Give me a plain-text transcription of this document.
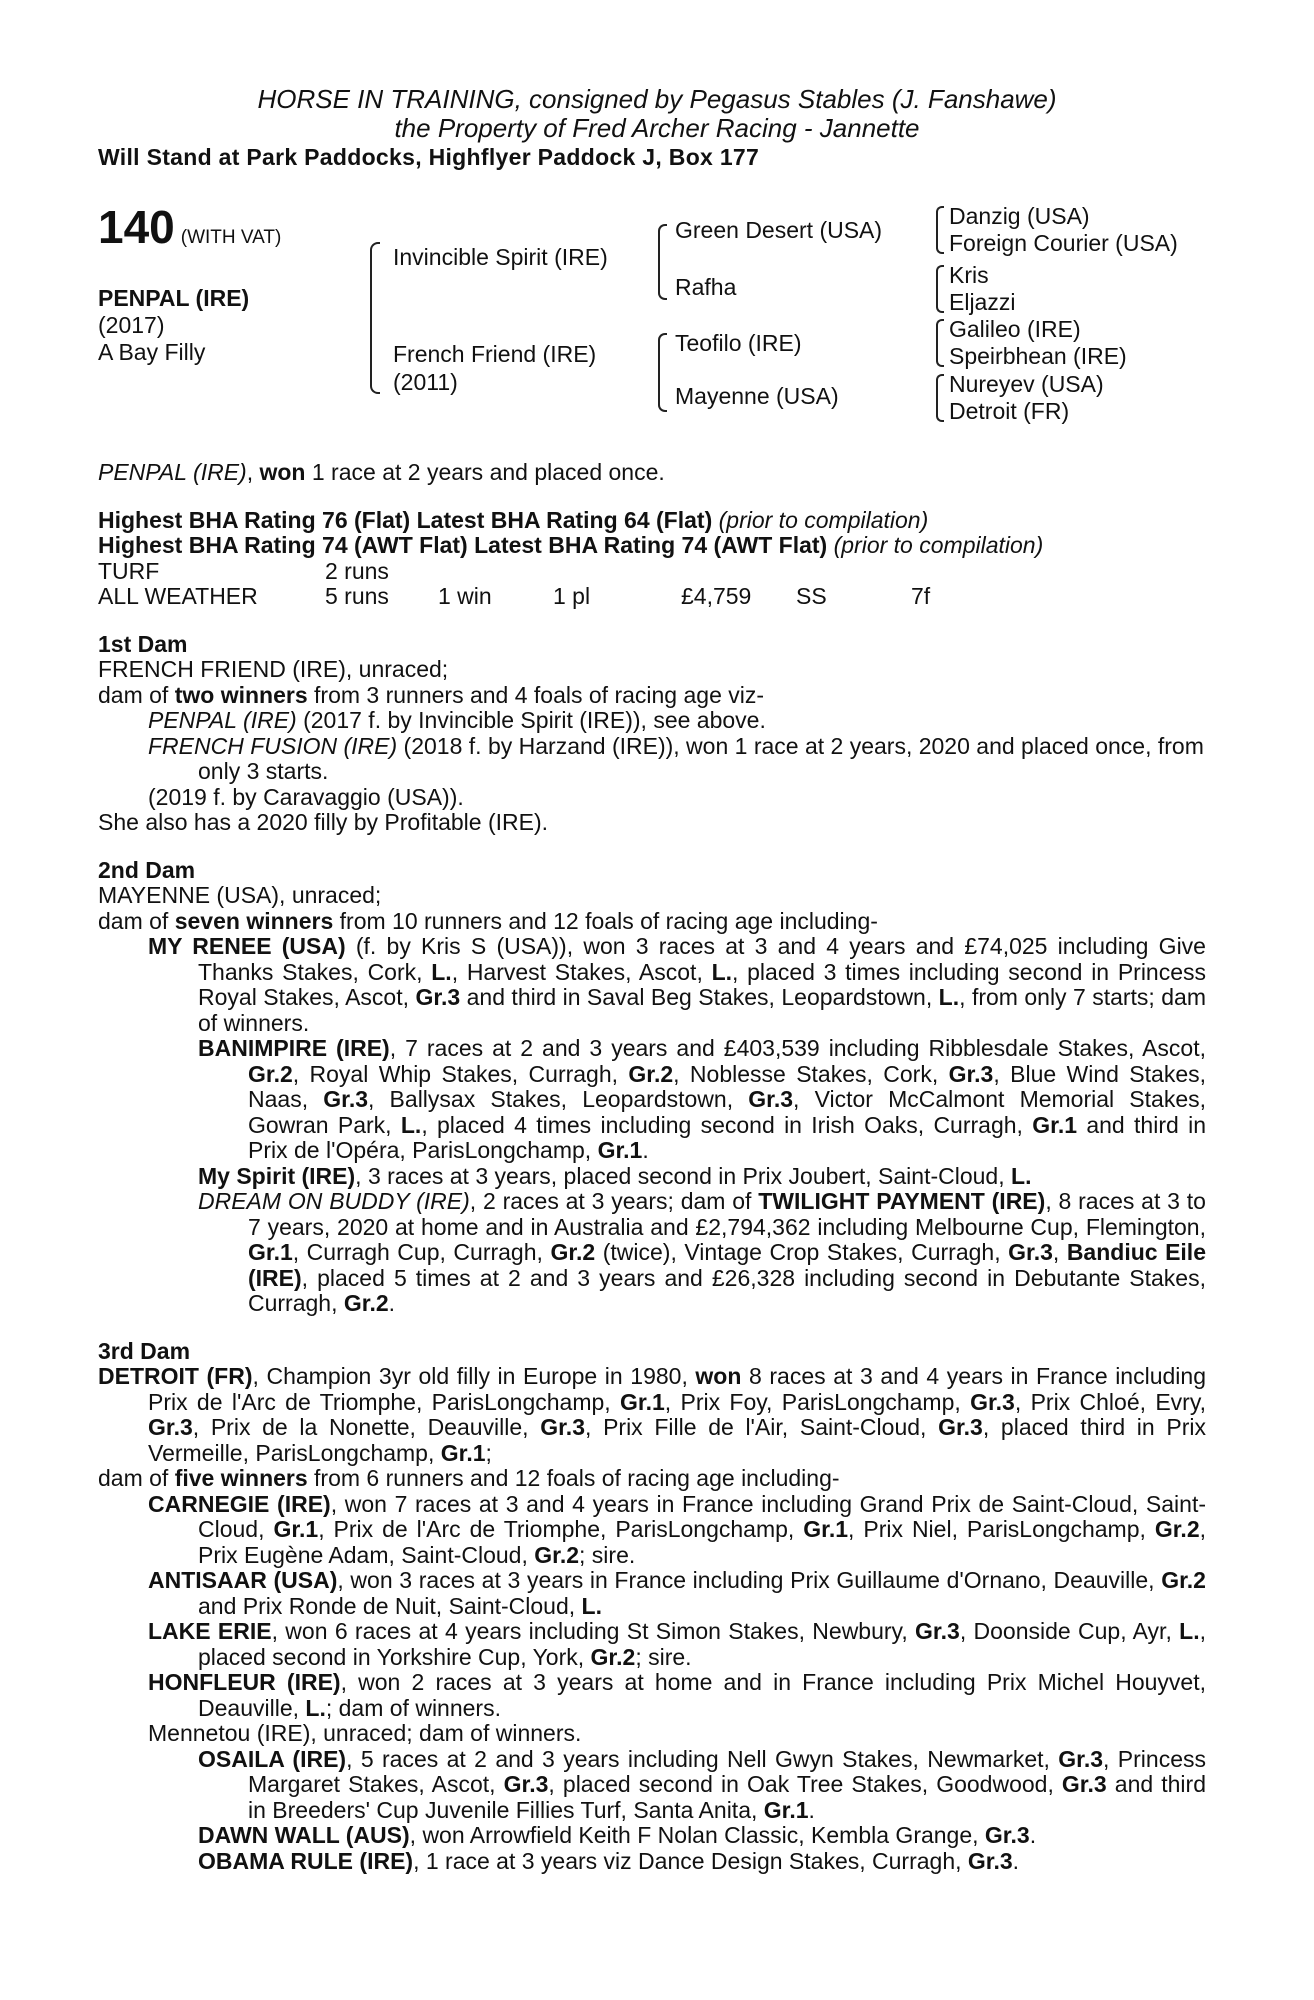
HORSE IN TRAINING, consigned by Pegasus Stables (J. Fanshawe)
the Property of Fred Archer Racing - Jannette
Will Stand at Park Paddocks, Highflyer Paddock J, Box 177
140 (WITH VAT)
PENPAL (IRE)
(2017)
A Bay Filly
Invincible Spirit (IRE)
French Friend (IRE)
(2011)
Green Desert (USA)
Rafha
Teofilo (IRE)
Mayenne (USA)
Danzig (USA)
Foreign Courier (USA)
Kris
Eljazzi
Galileo (IRE)
Speirbhean (IRE)
Nureyev (USA)
Detroit (FR)

PENPAL (IRE), won 1 race at 2 years and placed once.

Highest BHA Rating 76 (Flat) Latest BHA Rating 64 (Flat) (prior to compilation)

Highest BHA Rating 74 (AWT Flat) Latest BHA Rating 74 (AWT Flat) (prior to compilation)

TURF	2 runs
ALL WEATHER	5 runs	1 win	1 pl	£4,759	SS	7f

1st Dam

FRENCH FRIEND (IRE), unraced;

dam of two winners from 3 runners and 4 foals of racing age viz-

PENPAL (IRE) (2017 f. by Invincible Spirit (IRE)), see above.

FRENCH FUSION (IRE) (2018 f. by Harzand (IRE)), won 1 race at 2 years, 2020 and placed once, from only 3 starts.

(2019 f. by Caravaggio (USA)).

She also has a 2020 filly by Profitable (IRE).

2nd Dam

MAYENNE (USA), unraced;

dam of seven winners from 10 runners and 12 foals of racing age including-

MY RENEE (USA) (f. by Kris S (USA)), won 3 races at 3 and 4 years and £74,025 including Give Thanks Stakes, Cork, L., Harvest Stakes, Ascot, L., placed 3 times including second in Princess Royal Stakes, Ascot, Gr.3 and third in Saval Beg Stakes, Leopardstown, L., from only 7 starts; dam of winners.

BANIMPIRE (IRE), 7 races at 2 and 3 years and £403,539 including Ribblesdale Stakes, Ascot, Gr.2, Royal Whip Stakes, Curragh, Gr.2, Noblesse Stakes, Cork, Gr.3, Blue Wind Stakes, Naas, Gr.3, Ballysax Stakes, Leopardstown, Gr.3, Victor McCalmont Memorial Stakes, Gowran Park, L., placed 4 times including second in Irish Oaks, Curragh, Gr.1 and third in Prix de l'Opéra, ParisLongchamp, Gr.1.

My Spirit (IRE), 3 races at 3 years, placed second in Prix Joubert, Saint-Cloud, L.

DREAM ON BUDDY (IRE), 2 races at 3 years; dam of TWILIGHT PAYMENT (IRE), 8 races at 3 to 7 years, 2020 at home and in Australia and £2,794,362 including Melbourne Cup, Flemington, Gr.1, Curragh Cup, Curragh, Gr.2 (twice), Vintage Crop Stakes, Curragh, Gr.3, Bandiuc Eile (IRE), placed 5 times at 2 and 3 years and £26,328 including second in Debutante Stakes, Curragh, Gr.2.

3rd Dam

DETROIT (FR), Champion 3yr old filly in Europe in 1980, won 8 races at 3 and 4 years in France including Prix de l'Arc de Triomphe, ParisLongchamp, Gr.1, Prix Foy, ParisLongchamp, Gr.3, Prix Chloé, Evry, Gr.3, Prix de la Nonette, Deauville, Gr.3, Prix Fille de l'Air, Saint-Cloud, Gr.3, placed third in Prix Vermeille, ParisLongchamp, Gr.1;

dam of five winners from 6 runners and 12 foals of racing age including-

CARNEGIE (IRE), won 7 races at 3 and 4 years in France including Grand Prix de Saint-Cloud, Saint-Cloud, Gr.1, Prix de l'Arc de Triomphe, ParisLongchamp, Gr.1, Prix Niel, ParisLongchamp, Gr.2, Prix Eugène Adam, Saint-Cloud, Gr.2; sire.

ANTISAAR (USA), won 3 races at 3 years in France including Prix Guillaume d'Ornano, Deauville, Gr.2 and Prix Ronde de Nuit, Saint-Cloud, L.

LAKE ERIE, won 6 races at 4 years including St Simon Stakes, Newbury, Gr.3, Doonside Cup, Ayr, L., placed second in Yorkshire Cup, York, Gr.2; sire.

HONFLEUR (IRE), won 2 races at 3 years at home and in France including Prix Michel Houyvet, Deauville, L.; dam of winners.

Mennetou (IRE), unraced; dam of winners.

OSAILA (IRE), 5 races at 2 and 3 years including Nell Gwyn Stakes, Newmarket, Gr.3, Princess Margaret Stakes, Ascot, Gr.3, placed second in Oak Tree Stakes, Goodwood, Gr.3 and third in Breeders' Cup Juvenile Fillies Turf, Santa Anita, Gr.1.

DAWN WALL (AUS), won Arrowfield Keith F Nolan Classic, Kembla Grange, Gr.3.

OBAMA RULE (IRE), 1 race at 3 years viz Dance Design Stakes, Curragh, Gr.3.
